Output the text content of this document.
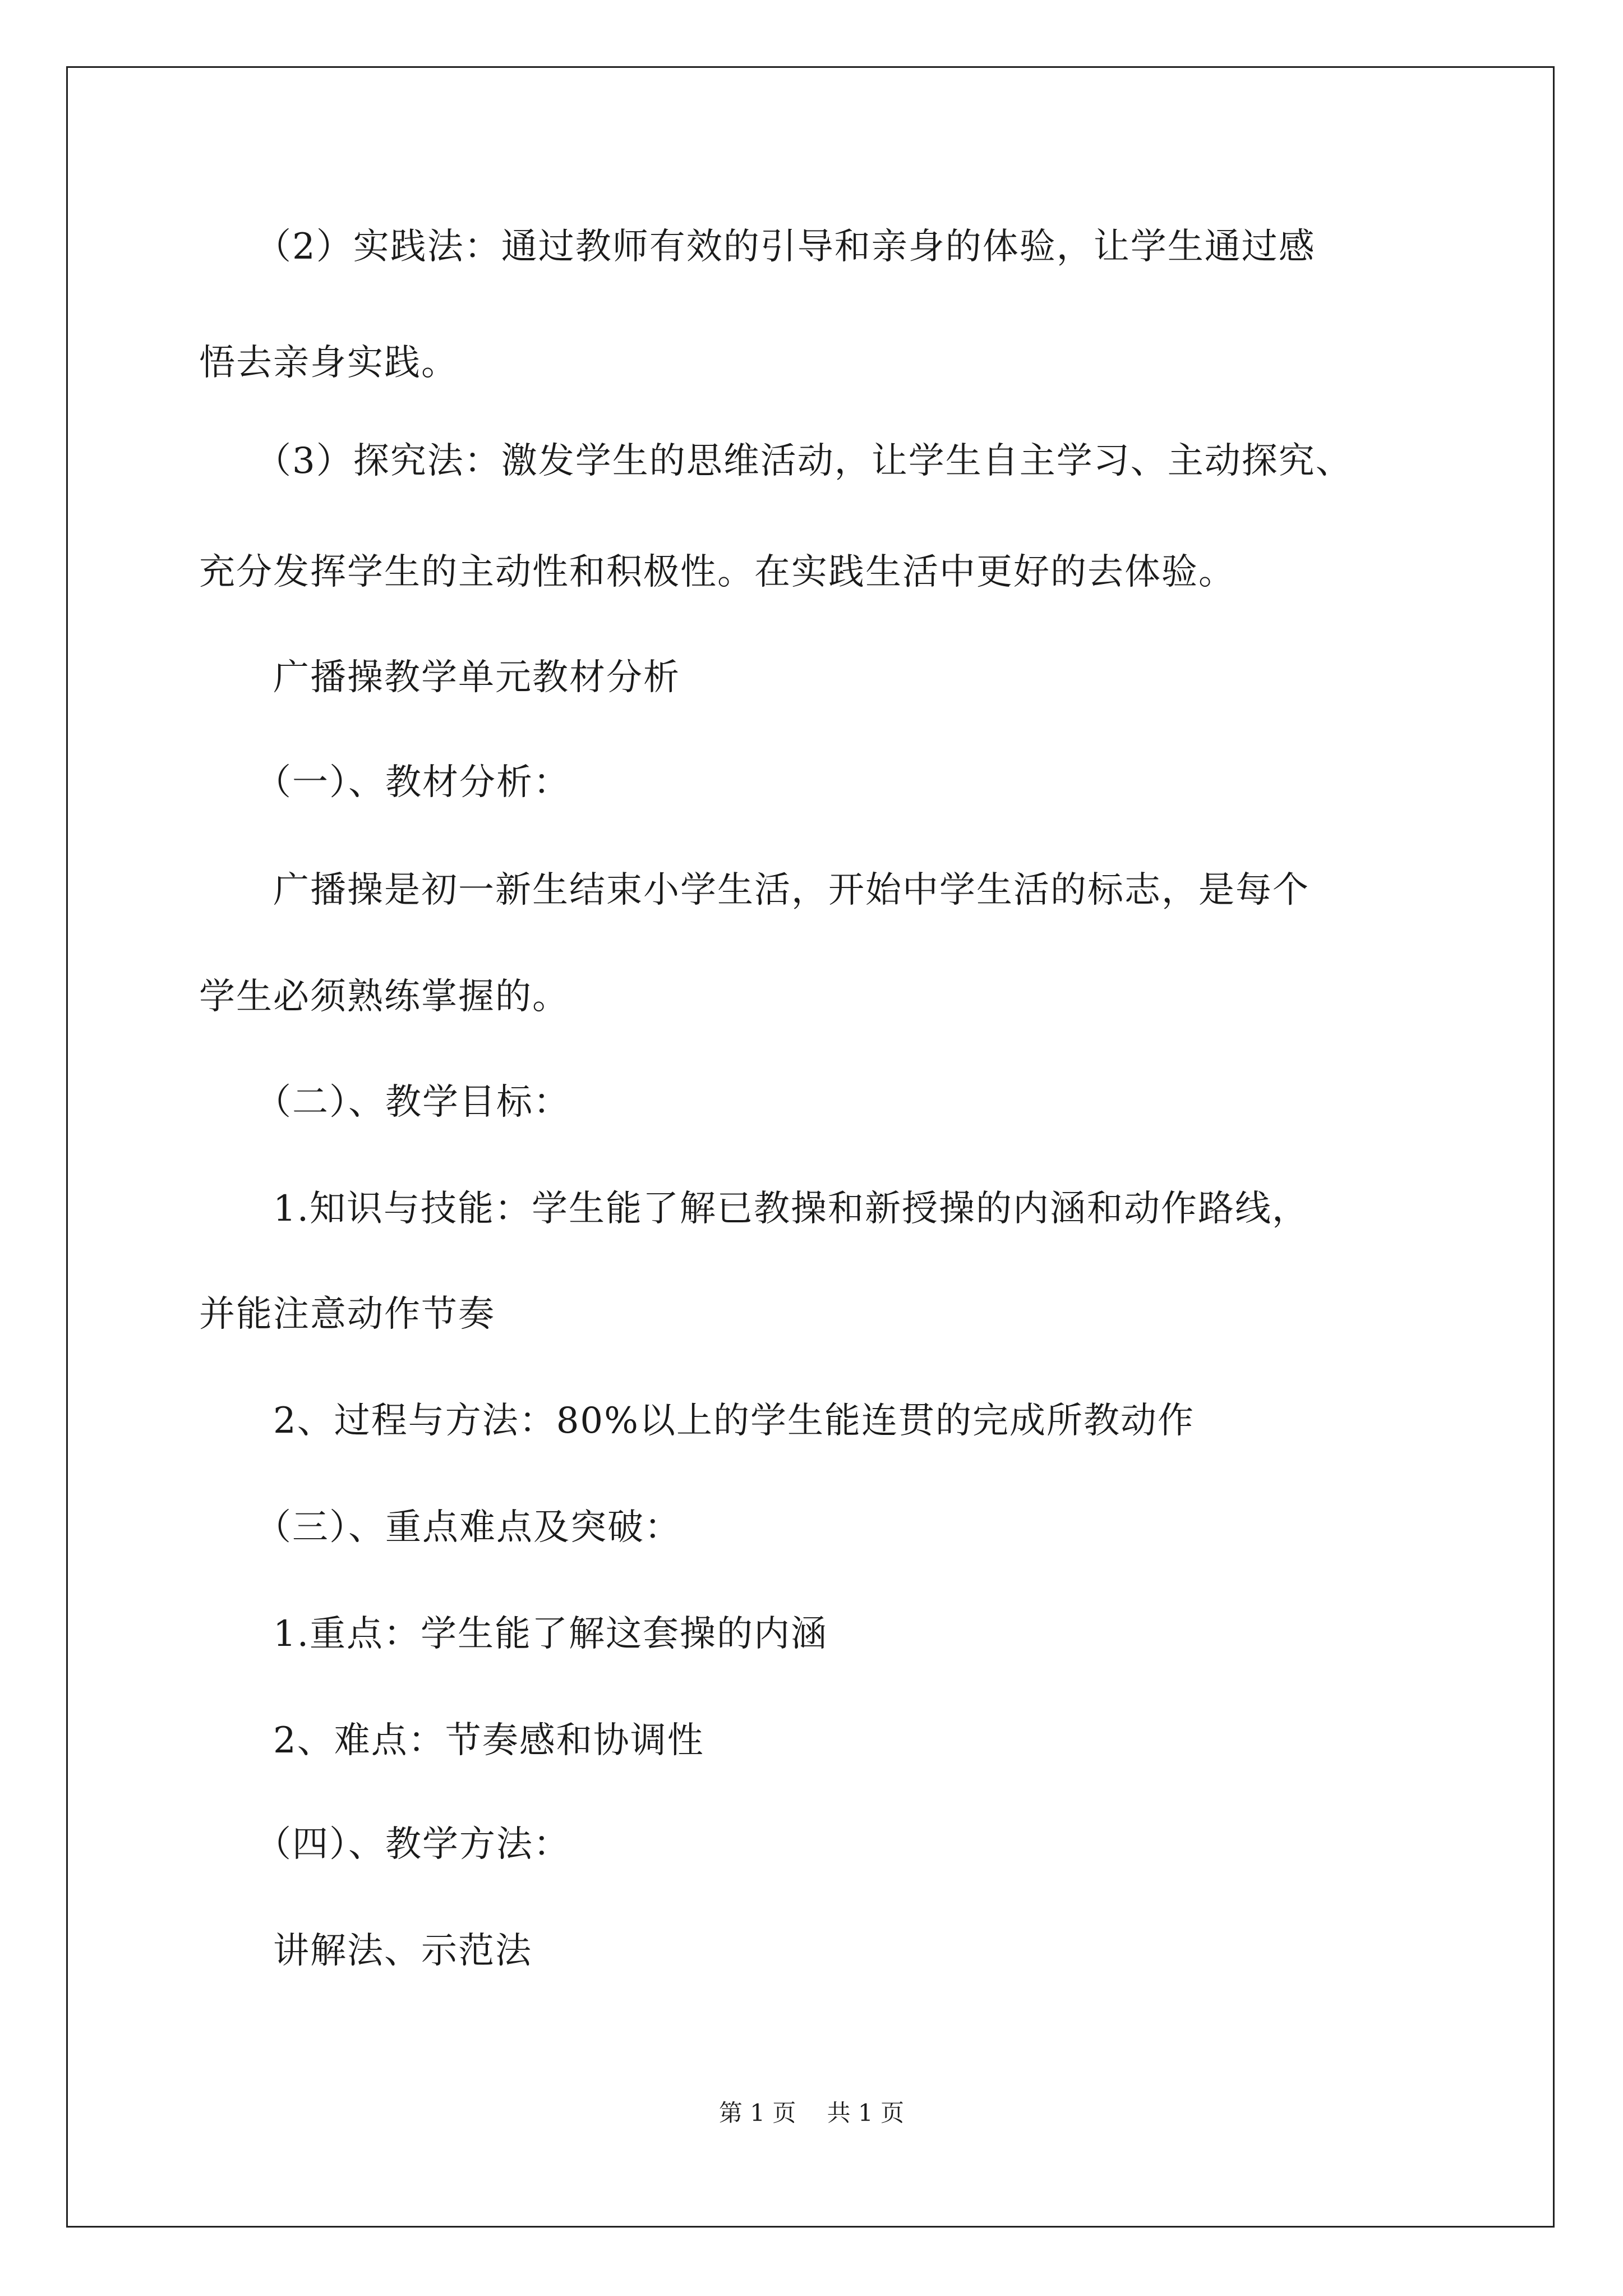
　　（2）实践法：通过教师有效的引导和亲身的体验，让学生通过感
悟去亲身实践。
　　（3）探究法：激发学生的思维活动，让学生自主学习、主动探究、
充分发挥学生的主动性和积极性。在实践生活中更好的去体验。
　　广播操教学单元教材分析
　　（一）、教材分析：
　　广播操是初一新生结束小学生活，开始中学生活的标志，是每个
学生必须熟练掌握的。
　　（二）、教学目标：
　　1.知识与技能：学生能了解已教操和新授操的内涵和动作路线，
并能注意动作节奏
　　2、过程与方法：80%以上的学生能连贯的完成所教动作
　　（三）、重点难点及突破：
　　1.重点：学生能了解这套操的内涵
　　2、难点：节奏感和协调性
　　（四）、教学方法：
　　讲解法、示范法
第 1 页　 共 1 页
